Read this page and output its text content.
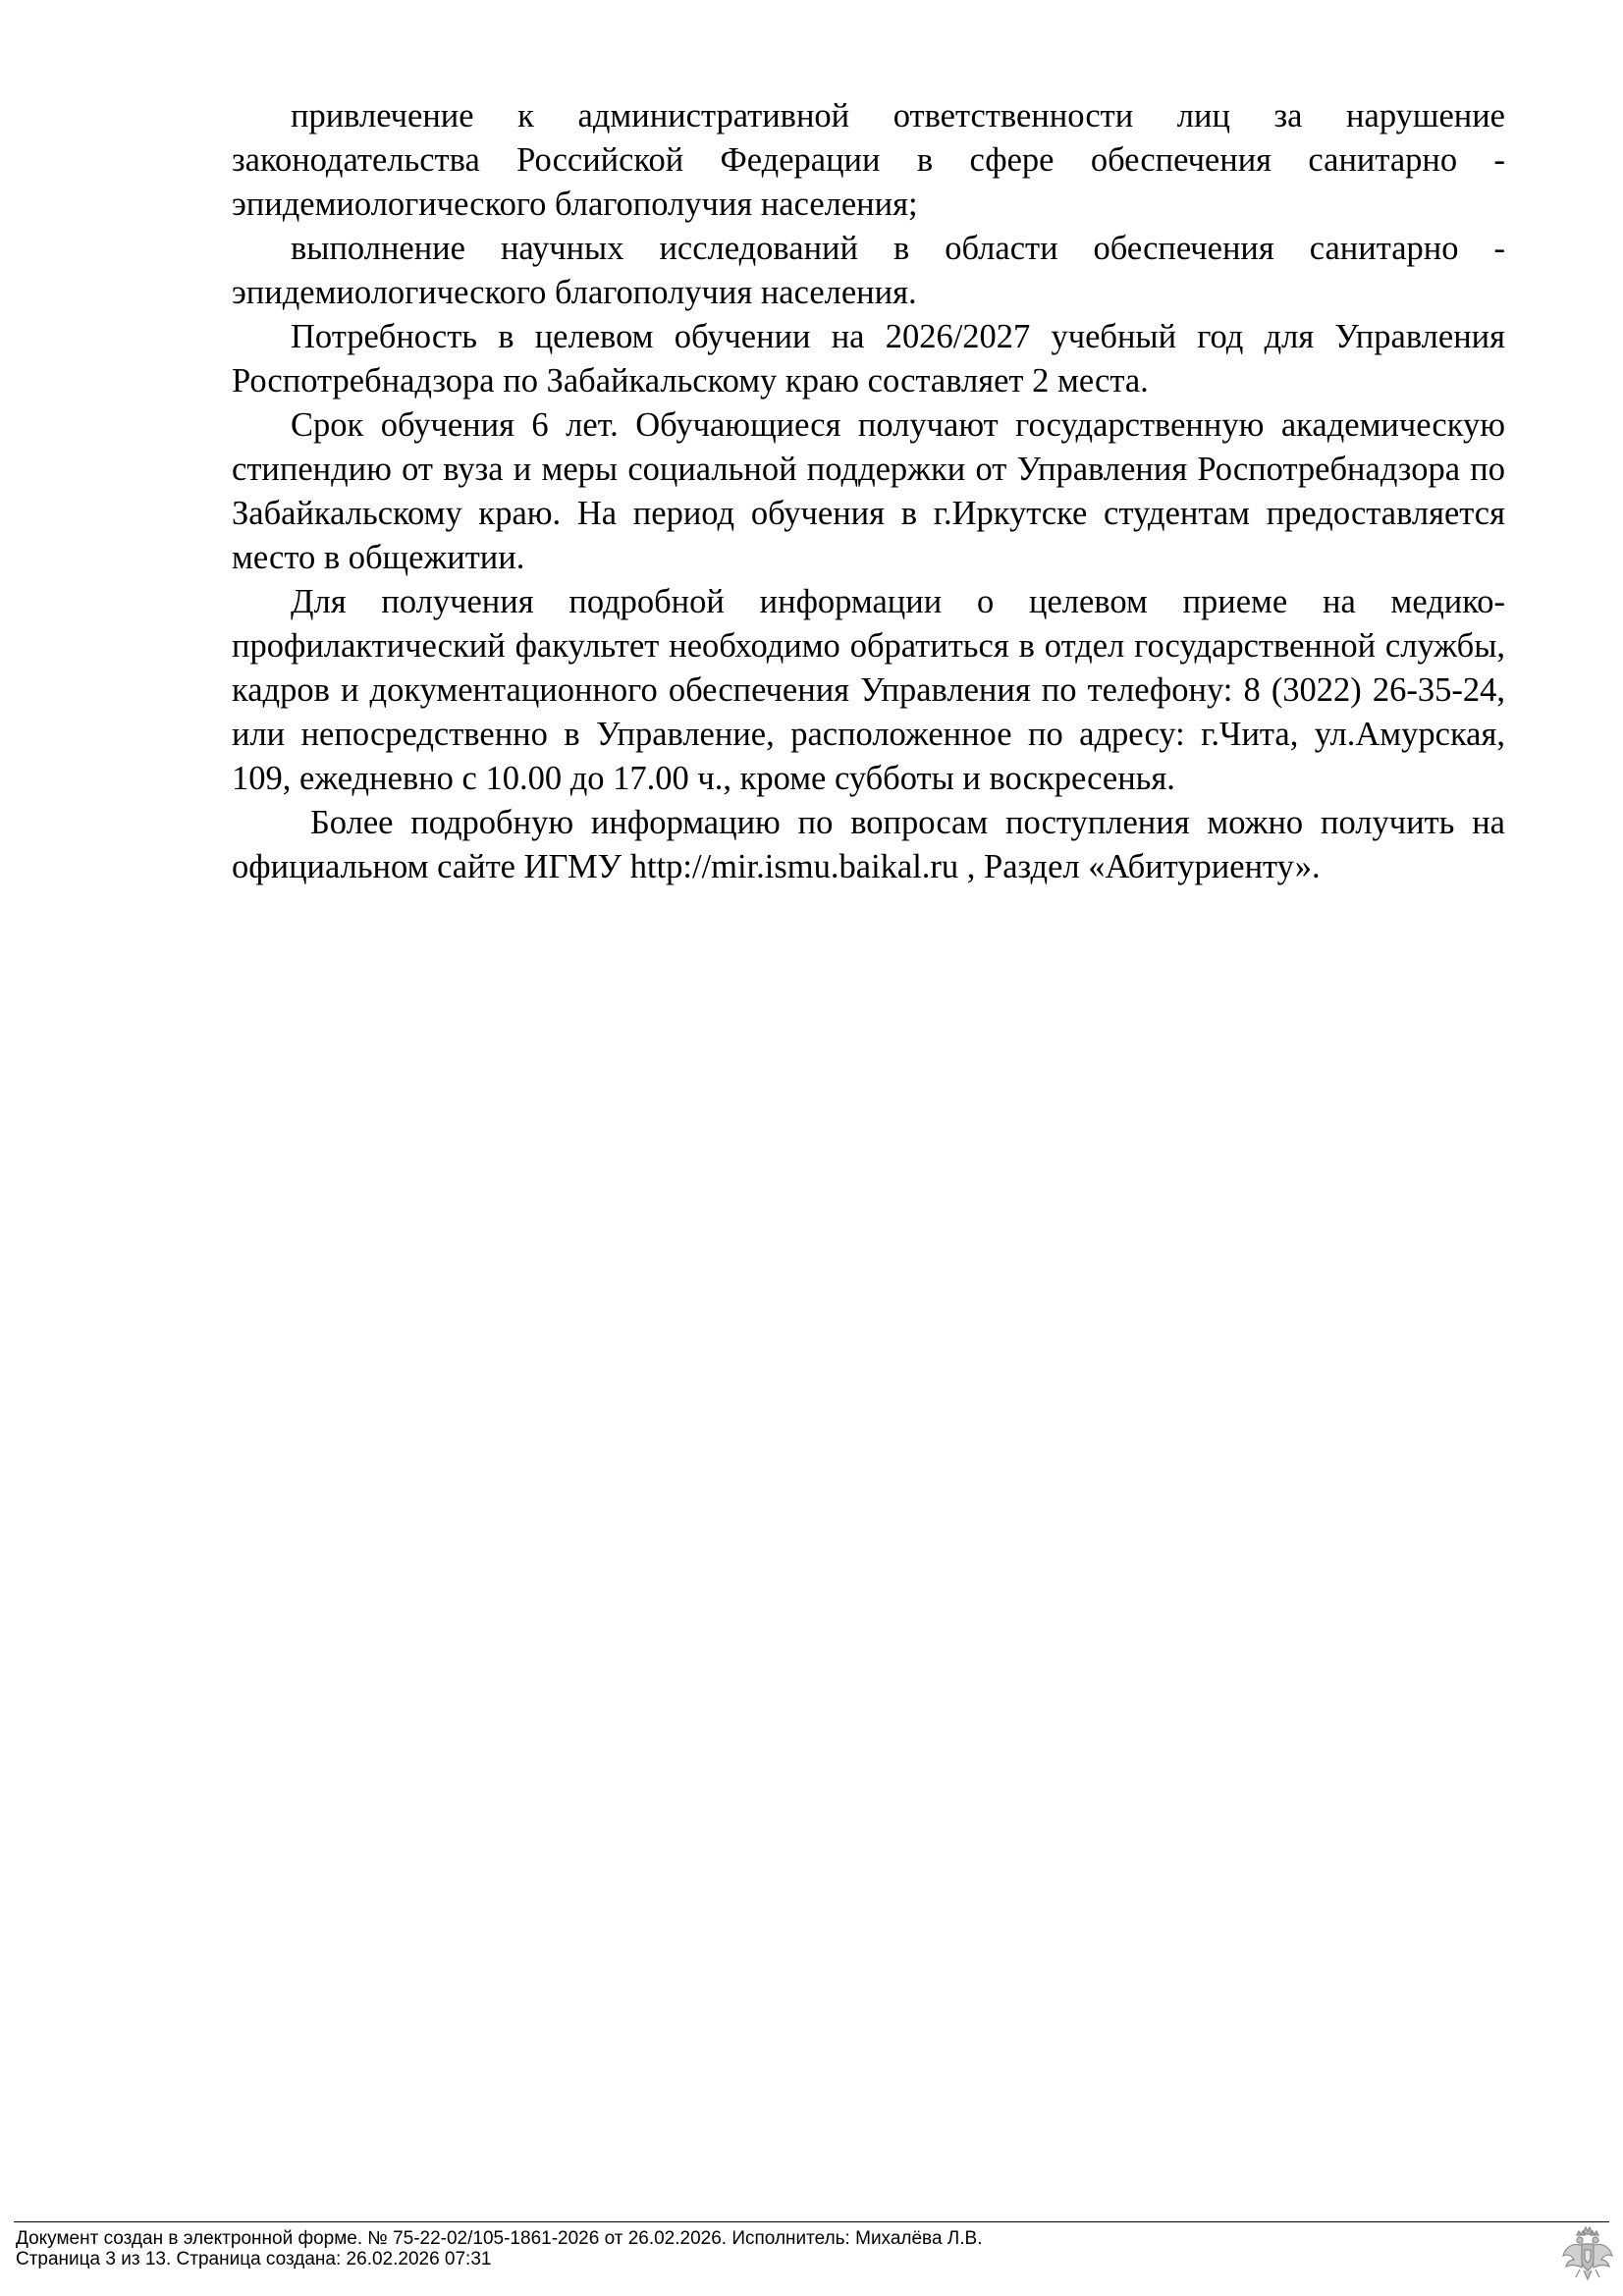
привлечение к административной ответственности лиц за нарушение законодательства Российской Федерации в сфере обеспечения санитарно - эпидемиологического благополучия населения;

выполнение научных исследований в области обеспечения санитарно - эпидемиологического благополучия населения.

Потребность в целевом обучении на 2026/2027 учебный год для Управления Роспотребнадзора по Забайкальскому краю составляет 2 места.

Срок обучения 6 лет. Обучающиеся получают государственную академическую стипендию от вуза и меры социальной поддержки от Управления Роспотребнадзора по Забайкальскому краю. На период обучения в г.Иркутске студентам предоставляется место в общежитии.

Для получения подробной информации о целевом приеме на медико-профилактический факультет необходимо обратиться в отдел государственной службы, кадров и документационного обеспечения Управления по телефону: 8 (3022) 26-35-24, или непосредственно в Управление, расположенное по адресу: г.Чита, ул.Амурская, 109, ежедневно с 10.00 до 17.00 ч., кроме субботы и воскресенья.

Более подробную информацию по вопросам поступления можно получить на официальном сайте ИГМУ http://mir.ismu.baikal.ru , Раздел «Абитуриенту».

Документ создан в электронной форме. № 75-22-02/105-1861-2026 от 26.02.2026. Исполнитель: Михалёва Л.В.
Страница 3 из 13. Страница создана: 26.02.2026 07:31
